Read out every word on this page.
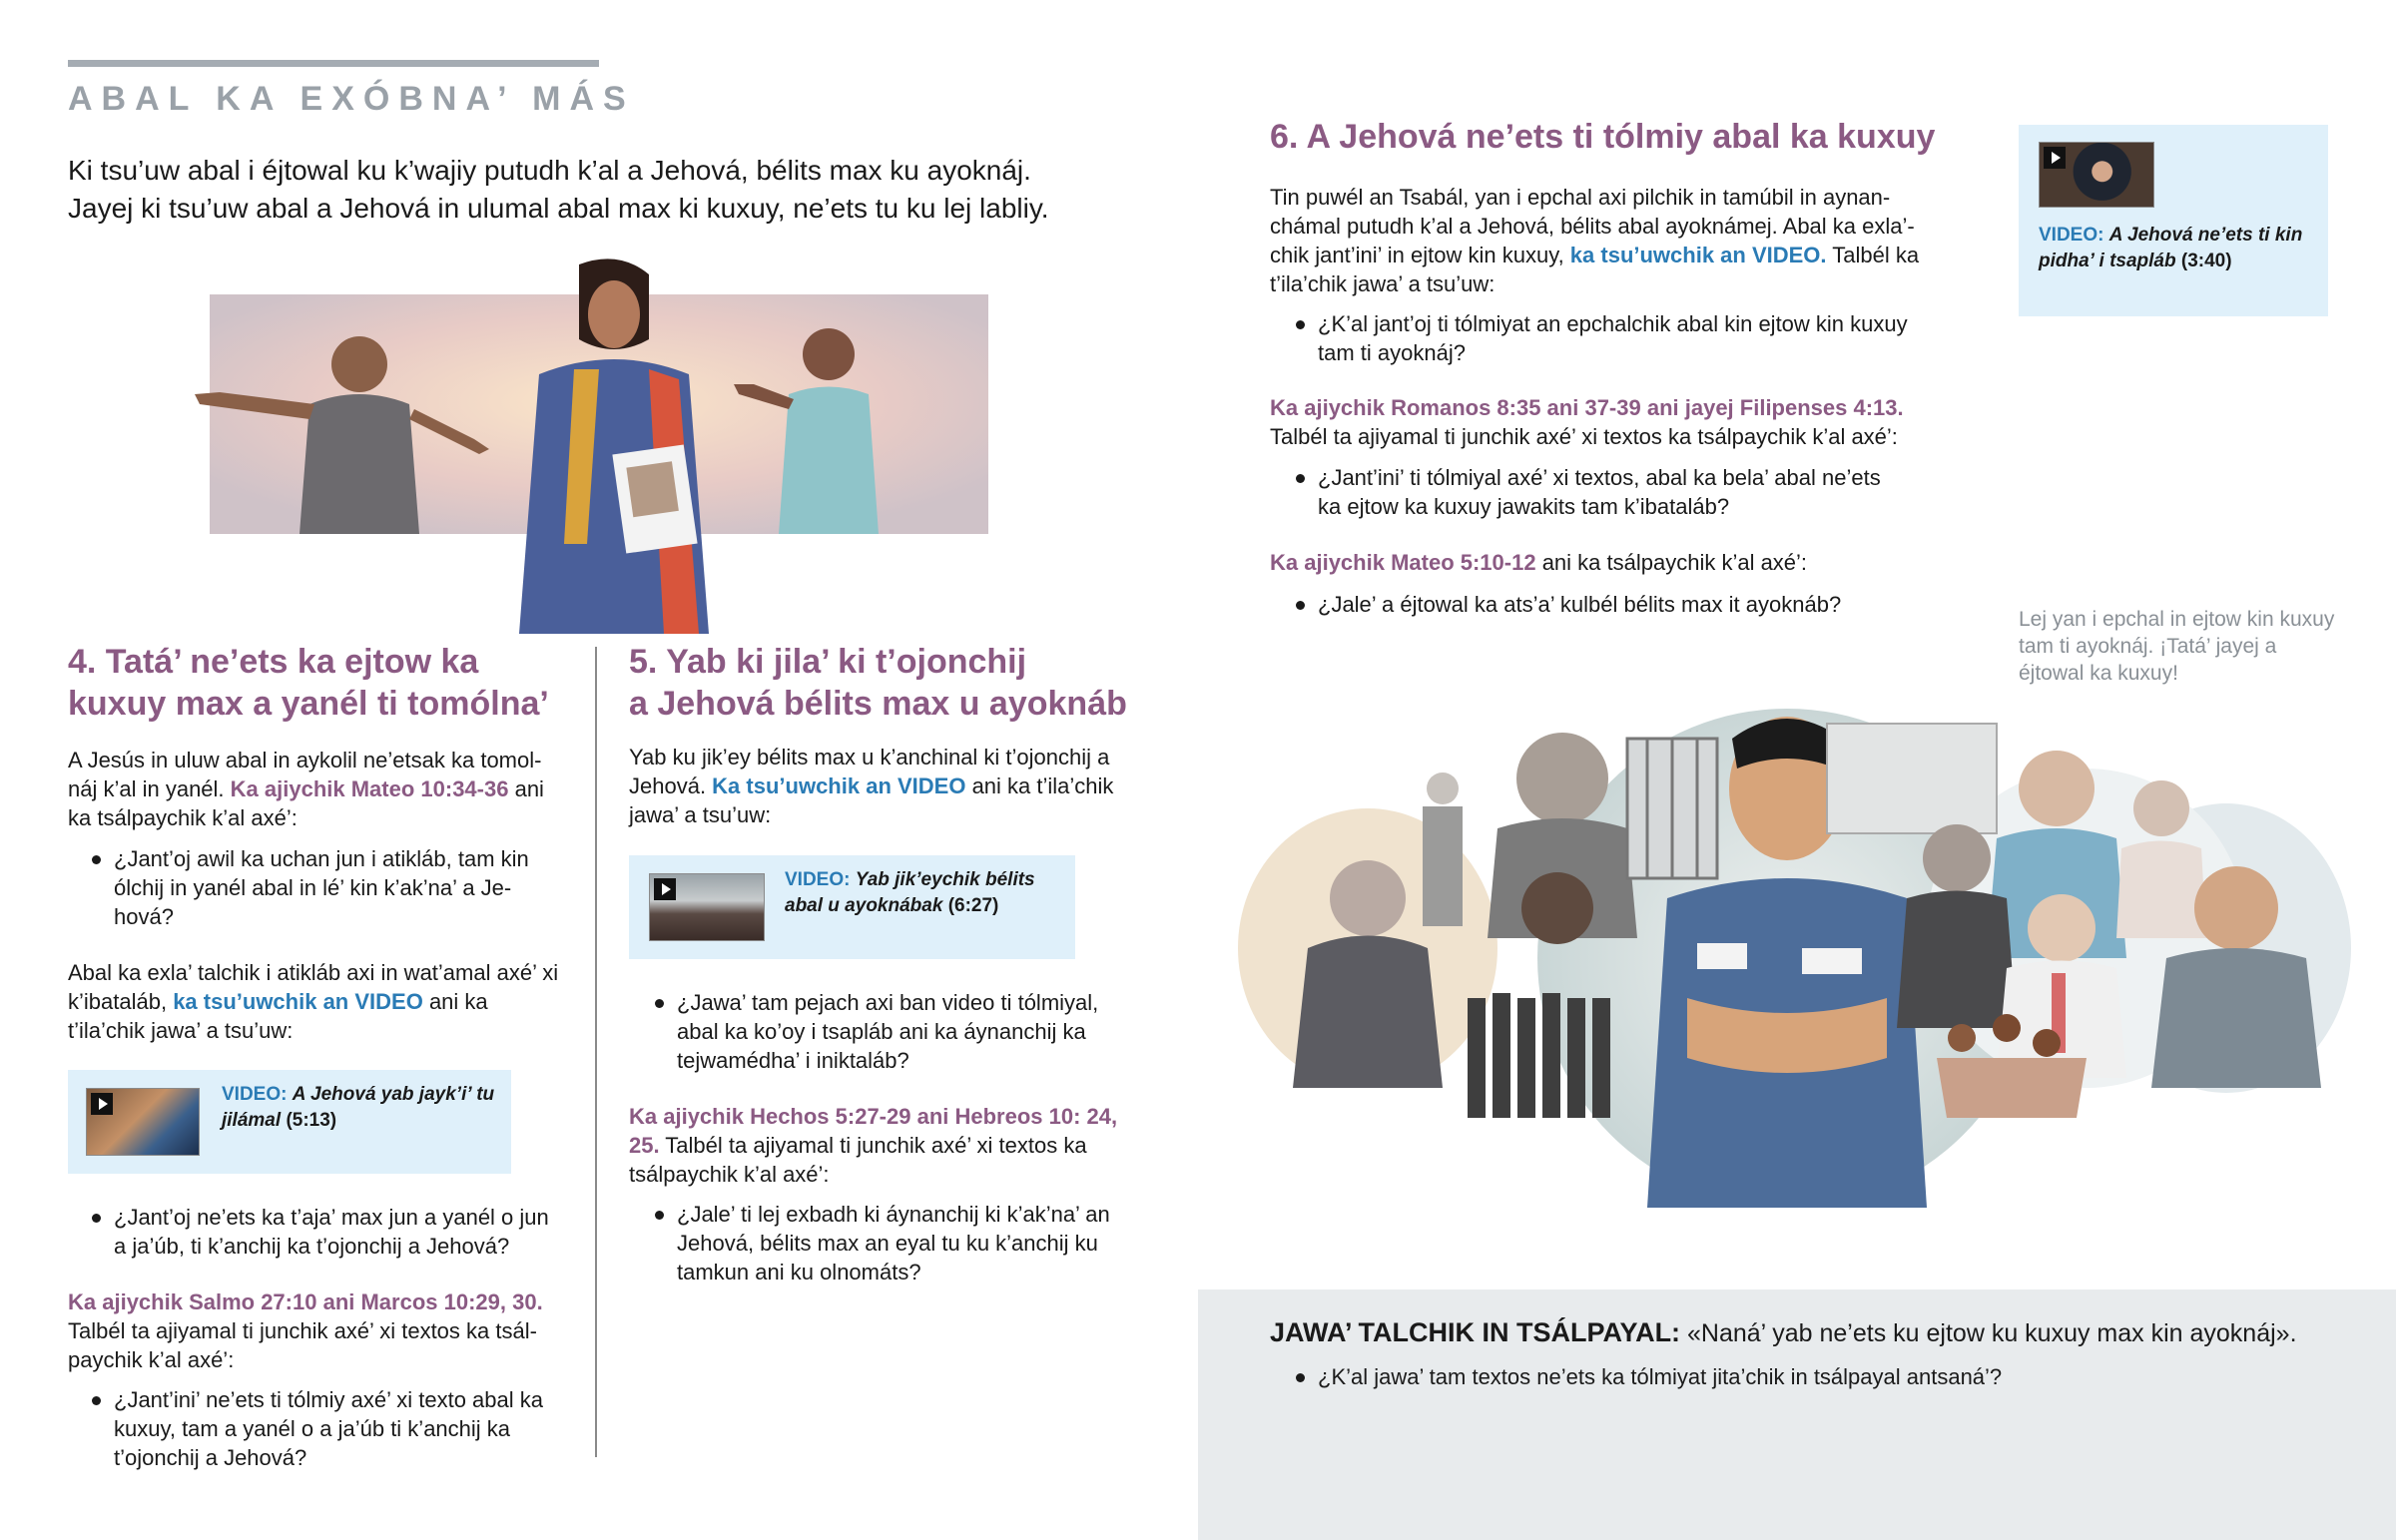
ABAL KA EXÓBNA’ MÁS
Ki tsu’uw abal i éjtowal ku k’wajiy putudh k’al a Jehová, bélits max ku ayoknáj.
Jayej ki tsu’uw abal a Jehová in ulumal abal max ki kuxuy, ne’ets tu ku lej labliy.
4. Tatá’ ne’ets ka ejtow ka
kuxuy max a yanél ti tomólna’
A Jesús in uluw abal in aykolil ne’etsak ka tomol-náj k’al in yanél. Ka ajiychik Mateo 10:34-36 ani ka tsálpaychik k’al axé’:
¿Jant’oj awil ka uchan jun i atikláb, tam kin ólchij in yanél abal in lé’ kin k’ak’na’ a Je-hová?
Abal ka exla’ talchik i atikláb axi in wat’amal axé’ xi k’ibataláb, ka tsu’uwchik an VIDEO ani ka t’ila’chik jawa’ a tsu’uw:
VIDEO: A Jehová yab jayk’i’ tu jilámal (5:13)
¿Jant’oj ne’ets ka t’aja’ max jun a yanél o jun a ja’úb, ti k’anchij ka t’ojonchij a Jehová?
Ka ajiychik Salmo 27:10 ani Marcos 10:29, 30.
Talbél ta ajiyamal ti junchik axé’ xi textos ka tsál-paychik k’al axé’:
¿Jant’ini’ ne’ets ti tólmiy axé’ xi texto abal ka kuxuy, tam a yanél o a ja’úb ti k’anchij ka t’ojonchij a Jehová?
5. Yab ki jila’ ki t’ojonchij
a Jehová bélits max u ayoknáb
Yab ku jik’ey bélits max u k’anchinal ki t’ojonchij a Jehová. Ka tsu’uwchik an VIDEO ani ka t’ila’chik jawa’ a tsu’uw:
VIDEO: Yab jik’eychik bélits abal u ayoknábak (6:27)
¿Jawa’ tam pejach axi ban video ti tólmiyal, abal ka ko’oy i tsapláb ani ka áynanchij ka tejwamédha’ i iniktaláb?
Ka ajiychik Hechos 5:27-29 ani Hebreos 10: 24, 25. Talbél ta ajiyamal ti junchik axé’ xi textos ka tsálpaychik k’al axé’:
¿Jale’ ti lej exbadh ki áynanchij ki k’ak’na’ an Jehová, bélits max an eyal tu ku k’anchij ku tamkun ani ku olnomáts?
6. A Jehová ne’ets ti tólmiy abal ka kuxuy
Tin puwél an Tsabál, yan i epchal axi pilchik in tamúbil in aynan-chámal putudh k’al a Jehová, bélits abal ayoknámej. Abal ka exla’-chik jant’ini’ in ejtow kin kuxuy, ka tsu’uwchik an VIDEO. Talbél ka t’ila’chik jawa’ a tsu’uw:
¿K’al jant’oj ti tólmiyat an epchalchik abal kin ejtow kin kuxuy tam ti ayoknáj?
Ka ajiychik Romanos 8:35 ani 37-39 ani jayej Filipenses 4:13.
Talbél ta ajiyamal ti junchik axé’ xi textos ka tsálpaychik k’al axé’:
¿Jant’ini’ ti tólmiyal axé’ xi textos, abal ka bela’ abal ne’ets ka ejtow ka kuxuy jawakits tam k’ibataláb?
Ka ajiychik Mateo 5:10-12 ani ka tsálpaychik k’al axé’:
¿Jale’ a éjtowal ka ats’a’ kulbél bélits max it ayoknáb?
VIDEO: A Jehová ne’ets ti kin pidha’ i tsapláb (3:40)
Lej yan i epchal in ejtow kin kuxuy tam ti ayoknáj. ¡Tatá’ jayej a éjtowal ka kuxuy!
JAWA’ TALCHIK IN TSÁLPAYAL: «Naná’ yab ne’ets ku ejtow ku kuxuy max kin ayoknáj».
¿K’al jawa’ tam textos ne’ets ka tólmiyat jita’chik in tsálpayal antsaná’?
